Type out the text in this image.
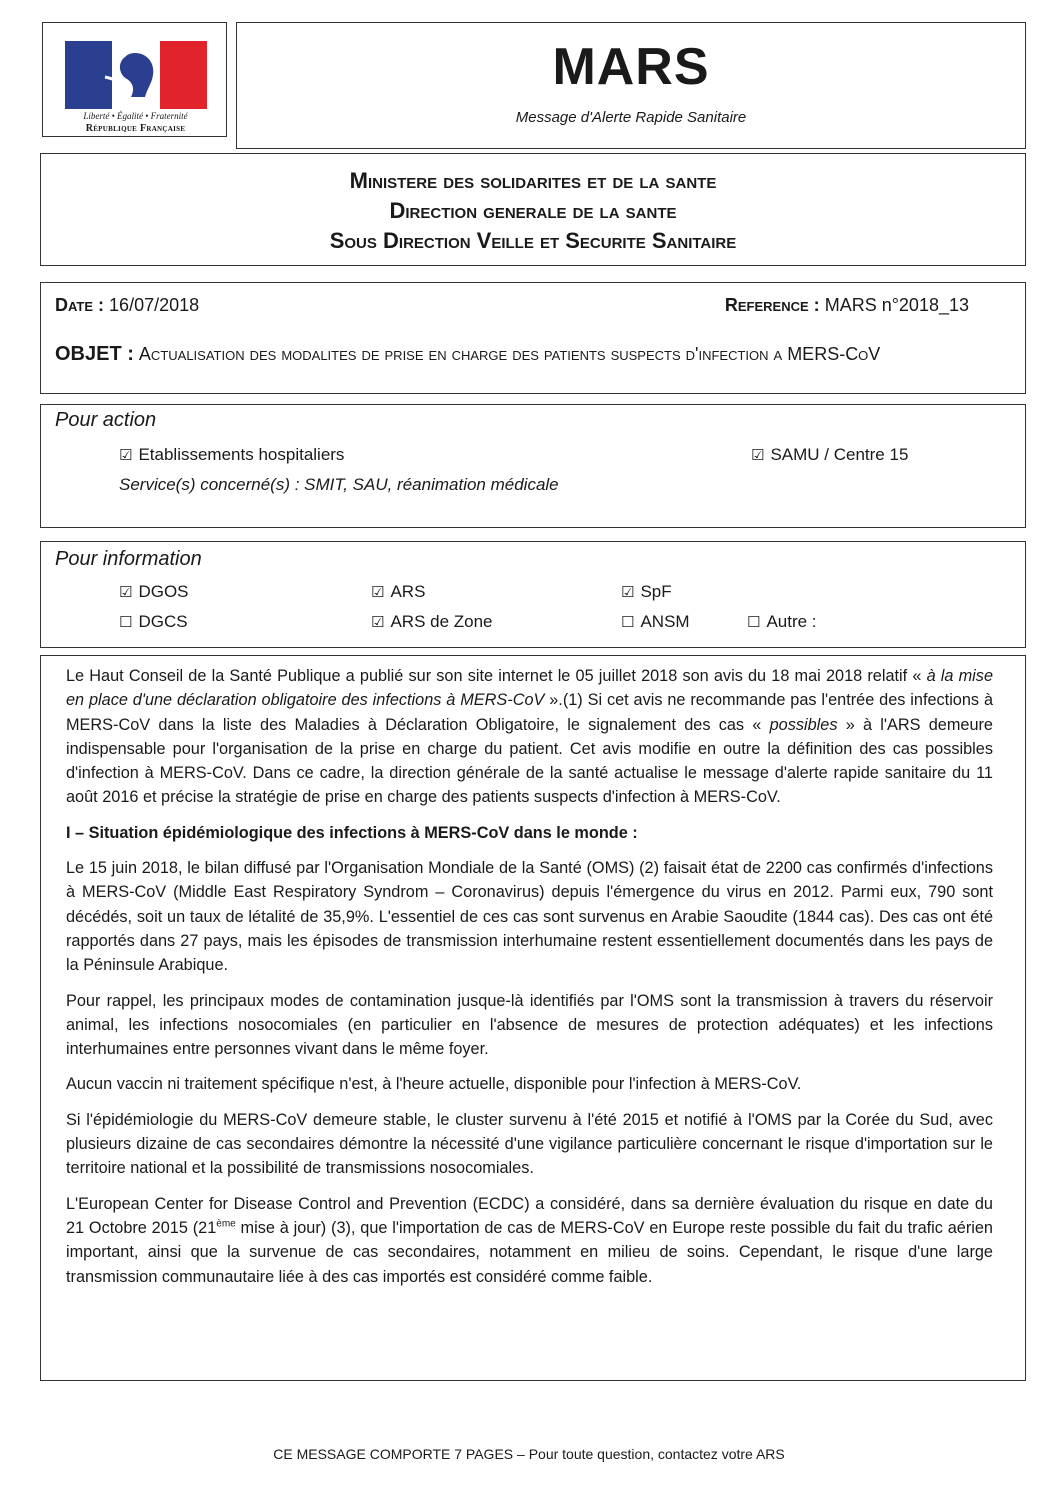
Liberté • Égalité • Fraternité
République Française
MARS
Message d'Alerte Rapide Sanitaire
Ministere des solidarites et de la sante
Direction generale de la sante
Sous Direction Veille et Securite Sanitaire
Date : 16/07/2018	Reference : MARS n°2018_13
OBJET : Actualisation des modalites de prise en charge des patients suspects d'infection a MERS-CoV
Pour action
☑ Etablissements hospitaliers	☑ SAMU / Centre 15
Service(s) concerné(s) : SMIT, SAU, réanimation médicale
Pour information
☑ DGOS	☑ ARS	☑ SpF
☐ DGCS	☑ ARS de Zone	☐ ANSM	☐ Autre :

Le Haut Conseil de la Santé Publique a publié sur son site internet le 05 juillet 2018 son avis du 18 mai 2018 relatif « à la mise en place d'une déclaration obligatoire des infections à MERS-CoV ».(1) Si cet avis ne recommande pas l'entrée des infections à MERS-CoV dans la liste des Maladies à Déclaration Obligatoire, le signalement des cas « possibles » à l'ARS demeure indispensable pour l'organisation de la prise en charge du patient. Cet avis modifie en outre la définition des cas possibles d'infection à MERS-CoV. Dans ce cadre, la direction générale de la santé actualise le message d'alerte rapide sanitaire du 11 août 2016 et précise la stratégie de prise en charge des patients suspects d'infection à MERS-CoV.

I – Situation épidémiologique des infections à MERS-CoV dans le monde :

Le 15 juin 2018, le bilan diffusé par l'Organisation Mondiale de la Santé (OMS) (2) faisait état de 2200 cas confirmés d'infections à MERS-CoV (Middle East Respiratory Syndrom – Coronavirus) depuis l'émergence du virus en 2012. Parmi eux, 790 sont décédés, soit un taux de létalité de 35,9%. L'essentiel de ces cas sont survenus en Arabie Saoudite (1844 cas). Des cas ont été rapportés dans 27 pays, mais les épisodes de transmission interhumaine restent essentiellement documentés dans les pays de la Péninsule Arabique.

Pour rappel, les principaux modes de contamination jusque-là identifiés par l'OMS sont la transmission à travers du réservoir animal, les infections nosocomiales (en particulier en l'absence de mesures de protection adéquates) et les infections interhumaines entre personnes vivant dans le même foyer.

Aucun vaccin ni traitement spécifique n'est, à l'heure actuelle, disponible pour l'infection à MERS-CoV.

Si l'épidémiologie du MERS-CoV demeure stable, le cluster survenu à l'été 2015 et notifié à l'OMS par la Corée du Sud, avec plusieurs dizaine de cas secondaires démontre la nécessité d'une vigilance particulière concernant le risque d'importation sur le territoire national et la possibilité de transmissions nosocomiales.

L'European Center for Disease Control and Prevention (ECDC) a considéré, dans sa dernière évaluation du risque en date du 21 Octobre 2015 (21ème mise à jour) (3), que l'importation de cas de MERS-CoV en Europe reste possible du fait du trafic aérien important, ainsi que la survenue de cas secondaires, notamment en milieu de soins. Cependant, le risque d'une large transmission communautaire liée à des cas importés est considéré comme faible.

CE MESSAGE COMPORTE 7 PAGES – Pour toute question, contactez votre ARS
